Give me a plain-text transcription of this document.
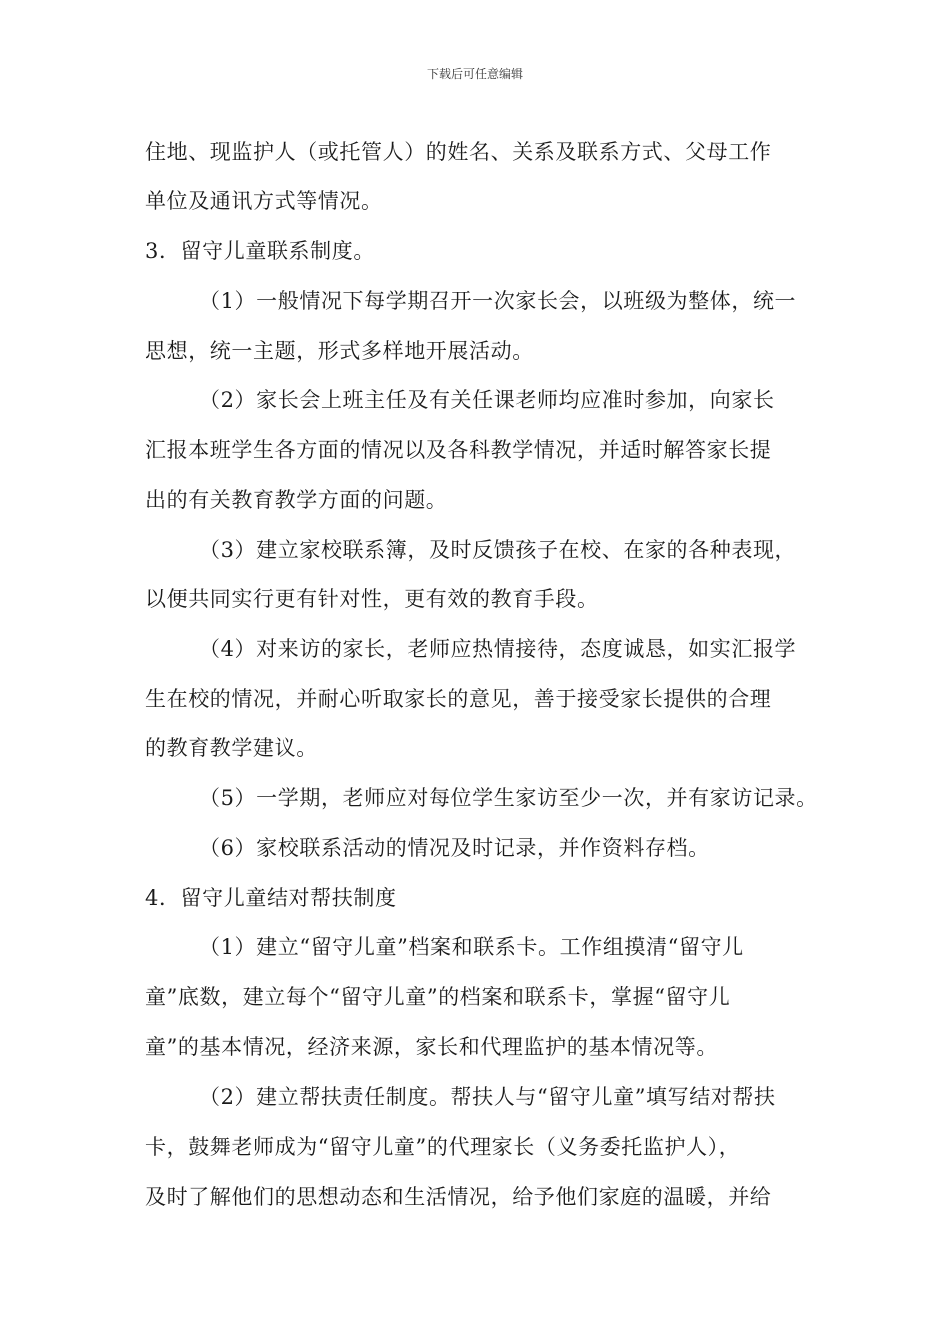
下载后可任意编辑
住地、现监护人（或托管人）的姓名、关系及联系方式、父母工作
单位及通讯方式等情况。
3．留守儿童联系制度。
（1）一般情况下每学期召开一次家长会，以班级为整体，统一
思想，统一主题，形式多样地开展活动。
（2）家长会上班主任及有关任课老师均应准时参加，向家长
汇报本班学生各方面的情况以及各科教学情况，并适时解答家长提
出的有关教育教学方面的问题。
（3）建立家校联系簿，及时反馈孩子在校、在家的各种表现，
以便共同实行更有针对性，更有效的教育手段。
（4）对来访的家长，老师应热情接待，态度诚恳，如实汇报学
生在校的情况，并耐心听取家长的意见，善于接受家长提供的合理
的教育教学建议。
（5）一学期，老师应对每位学生家访至少一次，并有家访记录。
（6）家校联系活动的情况及时记录，并作资料存档。
4．留守儿童结对帮扶制度
（1）建立“留守儿童”档案和联系卡。工作组摸清“留守儿
童”底数，建立每个“留守儿童”的档案和联系卡，掌握“留守儿
童”的基本情况，经济来源，家长和代理监护的基本情况等。
（2）建立帮扶责任制度。帮扶人与“留守儿童”填写结对帮扶
卡，鼓舞老师成为“留守儿童”的代理家长（义务委托监护人），
及时了解他们的思想动态和生活情况，给予他们家庭的温暖，并给
